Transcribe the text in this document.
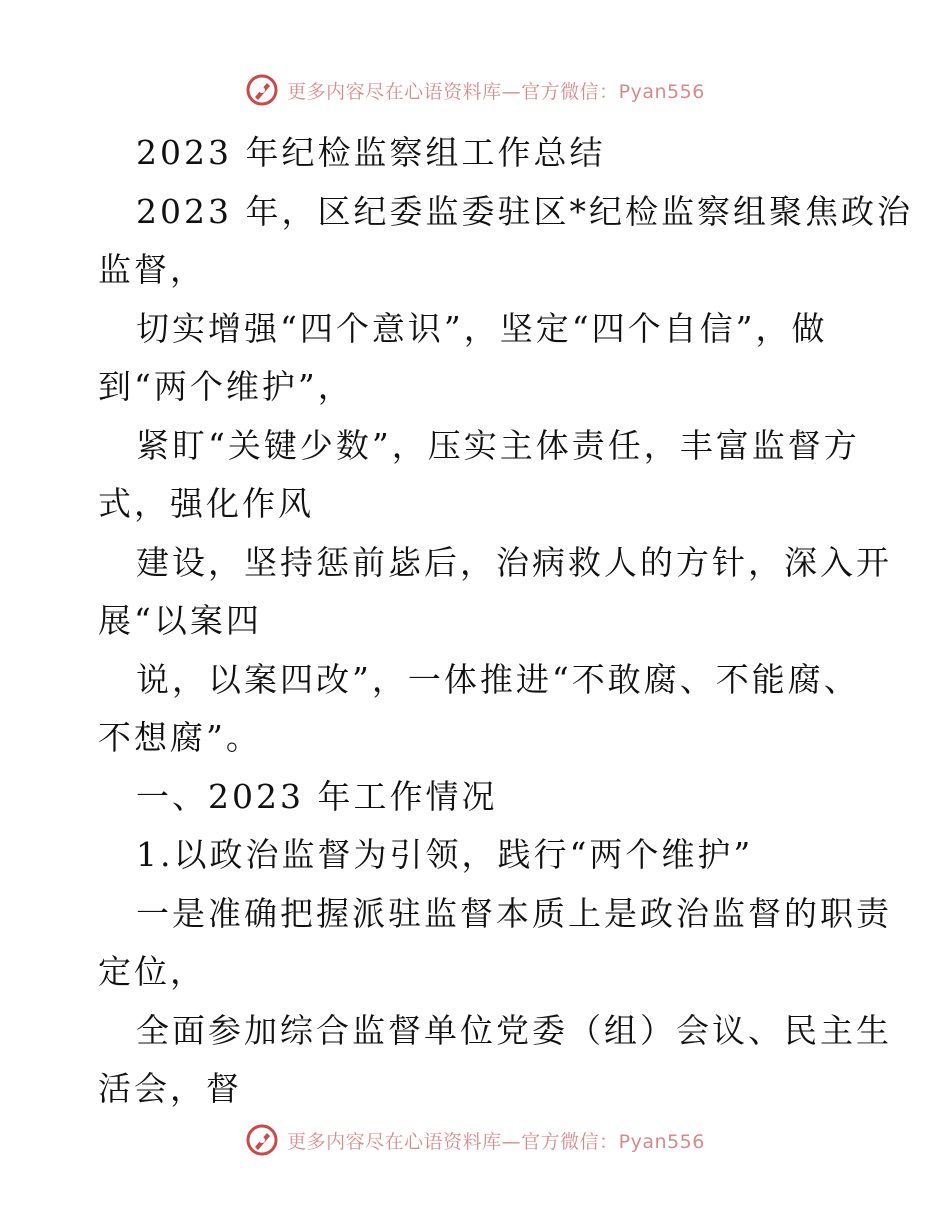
更多内容尽在心语资料库—官方微信：Pyan556
2023 年纪检监察组工作总结
2023 年，区纪委监委驻区*纪检监察组聚焦政治
监督，
切实增强“四个意识”，坚定“四个自信”，做
到“两个维护”，
紧盯“关键少数”，压实主体责任，丰富监督方
式，强化作风
建设，坚持惩前毖后，治病救人的方针，深入开
展“以案四
说，以案四改”，一体推进“不敢腐、不能腐、
不想腐”。
一、2023 年工作情况
1.以政治监督为引领，践行“两个维护”
一是准确把握派驻监督本质上是政治监督的职责
定位，
全面参加综合监督单位党委（组）会议、民主生
活会，督
更多内容尽在心语资料库—官方微信：Pyan556
